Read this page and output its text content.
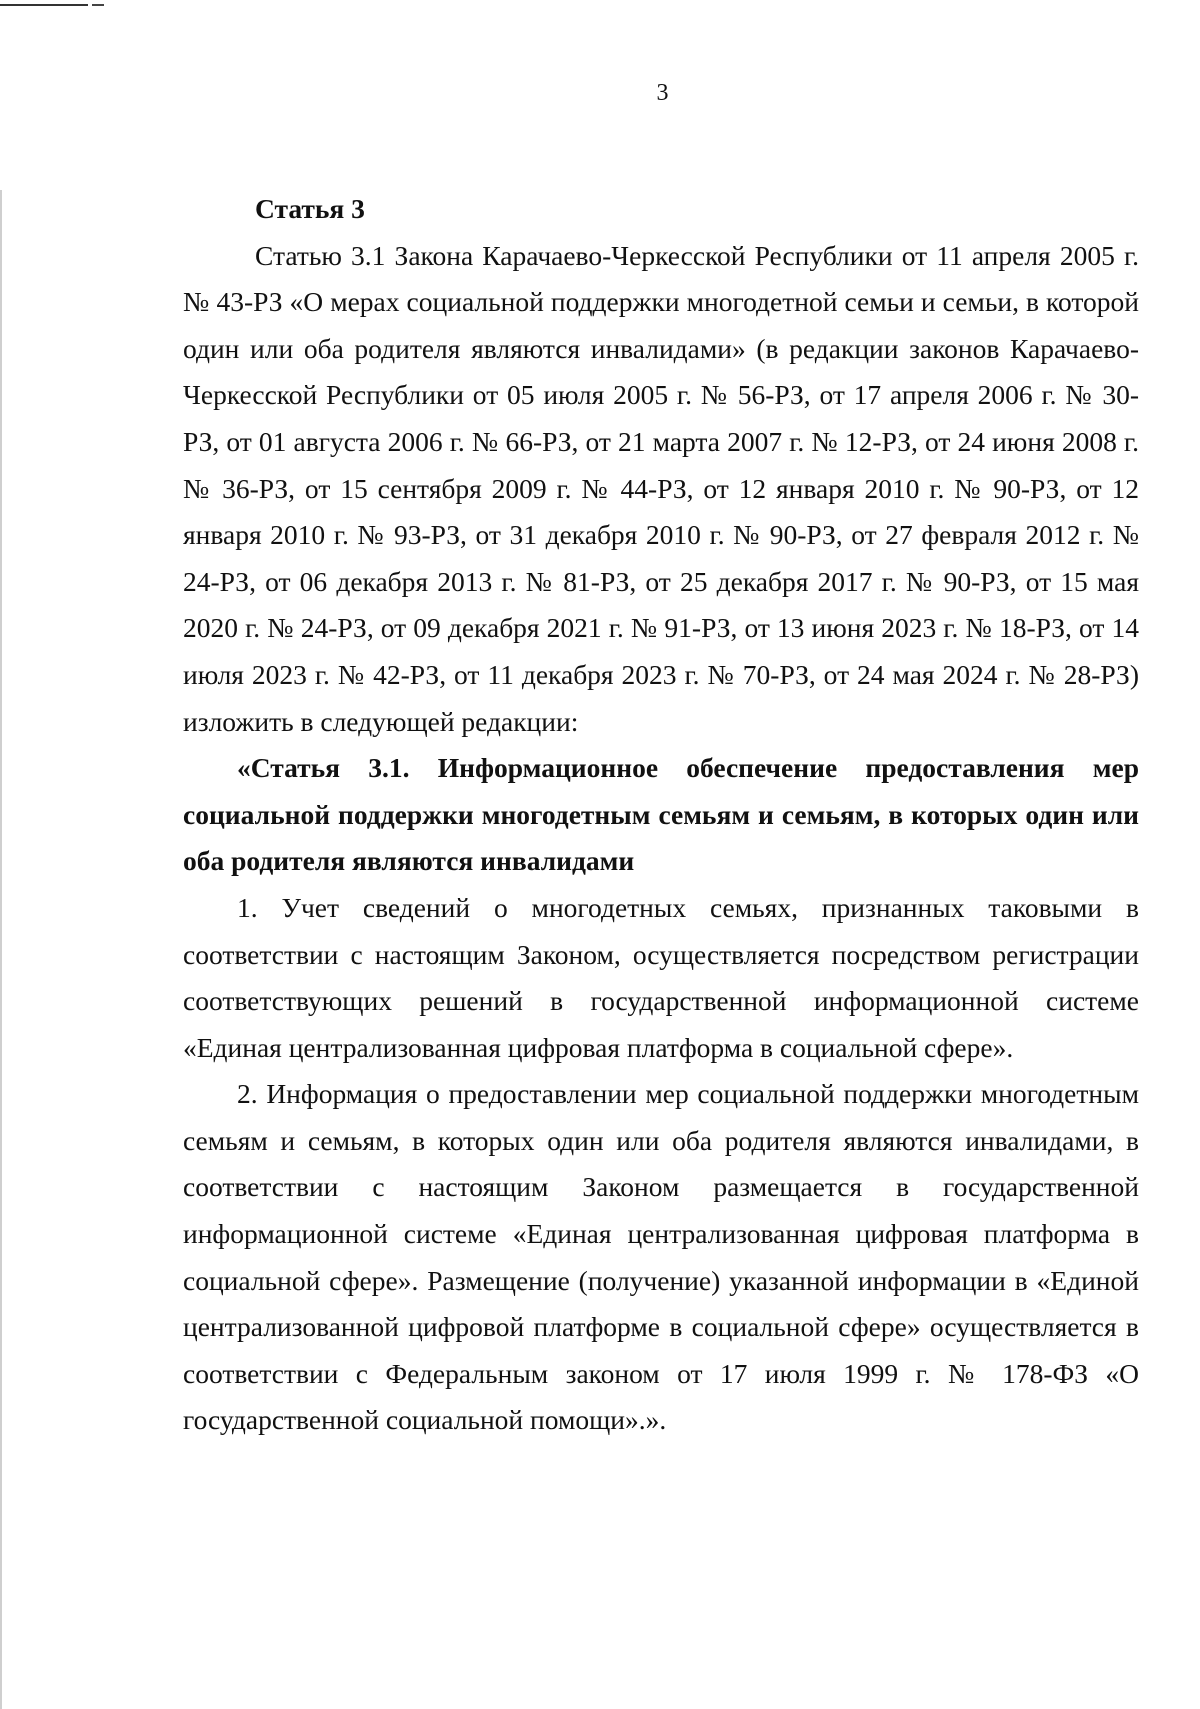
3
Статья 3

Статью 3.1 Закона Карачаево-Черкесской Республики от 11 апреля 2005 г. № 43-РЗ «О мерах социальной поддержки многодетной семьи и семьи, в которой один или оба родителя являются инвалидами» (в редакции законов Карачаево-Черкесской Республики от 05 июля 2005 г. № 56-РЗ, от 17 апреля 2006 г. № 30-РЗ, от 01 августа 2006 г. № 66-РЗ, от 21 марта 2007 г. № 12-РЗ, от 24 июня 2008 г. № 36-РЗ, от 15 сентября 2009 г. № 44-РЗ, от 12 января 2010 г. № 90-РЗ, от 12 января 2010 г. № 93-РЗ, от 31 декабря 2010 г. № 90-РЗ, от 27 февраля 2012 г. № 24-РЗ, от 06 декабря 2013 г. № 81-РЗ, от 25 декабря 2017 г. № 90-РЗ, от 15 мая 2020 г. № 24-РЗ, от 09 декабря 2021 г. № 91-РЗ, от 13 июня 2023 г. № 18-РЗ, от 14 июля 2023 г. № 42-РЗ, от 11 декабря 2023 г. № 70-РЗ, от 24 мая 2024 г. № 28-РЗ) изложить в следующей редакции:

«Статья 3.1. Информационное обеспечение предоставления мер социальной поддержки многодетным семьям и семьям, в которых один или оба родителя являются инвалидами

1. Учет сведений о многодетных семьях, признанных таковыми в соответствии с настоящим Законом, осуществляется посредством регистрации соответствующих решений в государственной информационной системе «Единая централизованная цифровая платформа в социальной сфере».

2. Информация о предоставлении мер социальной поддержки многодетным семьям и семьям, в которых один или оба родителя являются инвалидами, в соответствии с настоящим Законом размещается в государственной информационной системе «Единая централизованная цифровая платформа в социальной сфере». Размещение (получение) указанной информации в «Единой централизованной цифровой платформе в социальной сфере» осуществляется в соответствии с Федеральным законом от 17 июля 1999 г. № 178-ФЗ «О государственной социальной помощи».».
